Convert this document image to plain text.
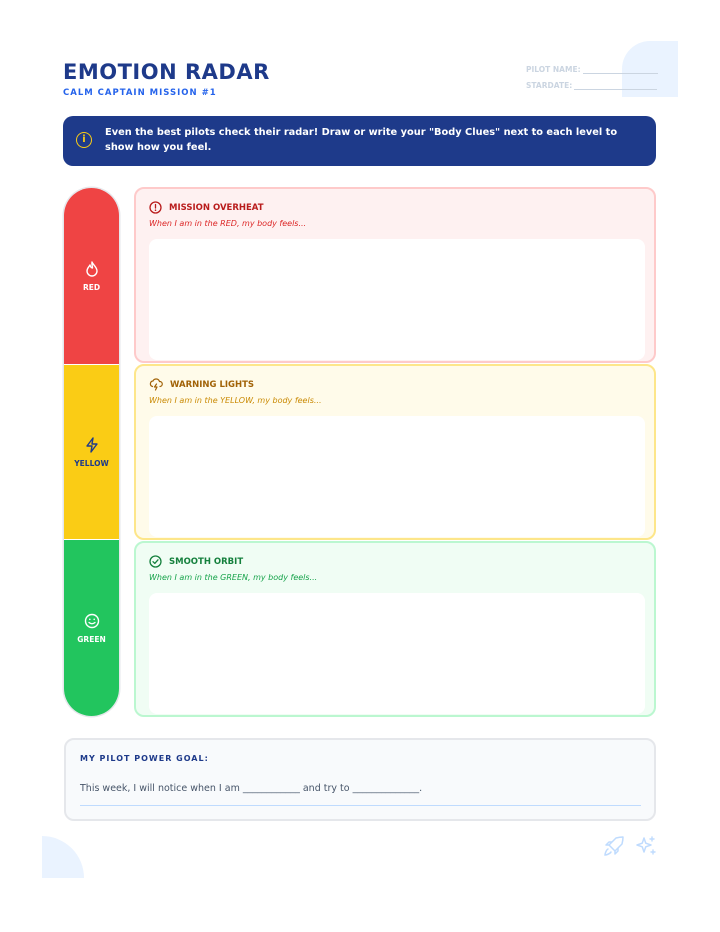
EMOTION RADAR
CALM CAPTAIN MISSION #1
PILOT NAME:
STARDATE:
i
Even the best pilots check their radar! Draw or write your "Body Clues" next to each level to show how you feel.
RED
YELLOW
GREEN
MISSION OVERHEAT
When I am in the RED, my body feels...
WARNING LIGHTS
When I am in the YELLOW, my body feels...
SMOOTH ORBIT
When I am in the GREEN, my body feels...
MY PILOT POWER GOAL:
This week, I will notice when I am ____________ and try to ______________.
